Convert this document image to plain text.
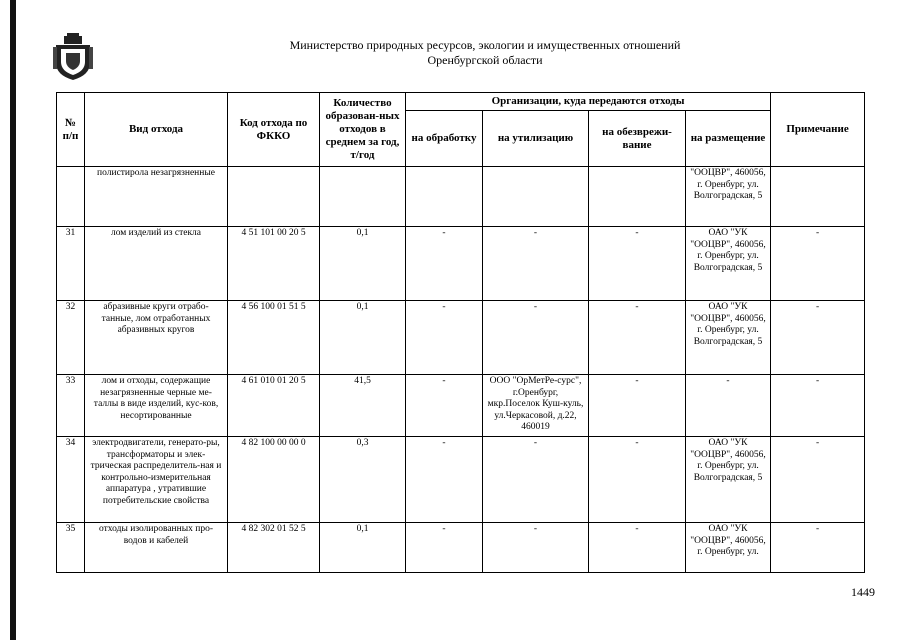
Министерство природных ресурсов, экологии и имущественных отношений
Оренбургской области
№ п/п	Вид отхода	Код отхода по ФККО	Количество образован-ных отходов в среднем за год, т/год	Организации, куда передаются отходы				Примечание
				на обработку	на утилизацию	на обезврежи-вание	на размещение	
	полистирола незагрязненные						"ООЦВР", 460056, г. Оренбург, ул. Волгоградская, 5	
31	лом изделий из стекла	4 51 101 00 20 5	0,1	-	-	-	ОАО "УК "ООЦВР", 460056, г. Оренбург, ул. Волгоградская, 5	-
32	абразивные круги отрабо-танные, лом отработанных абразивных кругов	4 56 100 01 51 5	0,1	-	-	-	ОАО "УК "ООЦВР", 460056, г. Оренбург, ул. Волгоградская, 5	-
33	лом и отходы, содержащие незагрязненные черные ме-таллы в виде изделий, кус-ков, несортированные	4 61 010 01 20 5	41,5	-	ООО "ОрМетРе-сурс", г.Оренбург, мкр.Поселок Куш-куль, ул.Черкасовой, д.22, 460019	-	-	-
34	электродвигатели, генерато-ры, трансформаторы и элек-трическая распределитель-ная и контрольно-измерительная аппаратура , утратившие потребительские свойства	4 82 100 00 00 0	0,3	-	-	-	ОАО "УК "ООЦВР", 460056, г. Оренбург, ул. Волгоградская, 5	-
35	отходы изолированных про-водов и кабелей	4 82 302 01 52 5	0,1	-	-	-	ОАО "УК "ООЦВР", 460056, г. Оренбург, ул.	-
1449
